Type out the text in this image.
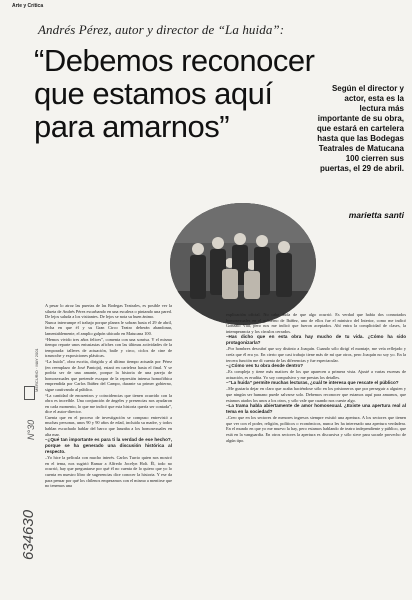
Arte y Crítica
Andrés Pérez, autor y director de “La huida”:
“Debemos reconocer
que estamos aquí
para amarnos”
Según el director y actor, esta es la lectura más importante de su obra, que estará en cartelera hasta que las Bodegas Teatrales de Matucana 100 cierren sus puertas, el 29 de abril.
marietta santi

A pesar lo atroz las puertas de las Bodegas Teatrales, es posible ver la silueta de Andrés Pérez escarbando en una escalera o pintando una pared. De lejos saluda a los visitantes. De lejos se nota su buen ánimo.

Nunca interrumpe el trabajo porque planea le sobran hasta el 29 de abril, fecha en que él y su Gran Circo Teatro deberán abandonar, lamentablemente, el amplio galpón ubicado en Matucana 100.

“Hemos vivido tres años felices”, comenta con una sonrisa. Y el mismo tiempo reparte unos entusiastas afiches con las últimas actividades de la temporada: talleres de actuación, baile y circo, ciclos de cine de trasnoche y exposiciones plásticas.

“La huida”, obra escrita, dirigida y al último tiempo actuada por Pérez (en reemplazo de José Pantoja), estará en cartelera hasta el final. Y se podría ser de una amante, porque la historia de una pareja de homosexuales que pretende escapar de la represión intensa homofóbica emprendida por Carlos Ibáñez del Campo, durante su primer gobierno, sigue cautivando al público.

“La cantidad de encuentros y coincidencias que tienen ocurrido con la obra es increíble. Una conjunción de ángeles y presencias nos ayudaron en cada momento, lo que me indicó que esta historia quería ser contada”, dice el autor-director.

Cuenta que en el proceso de investigación se compuso entrevistó a muchas personas, unos 90 y 90 años de edad, incluida su madre, y todos hablan escuchado hablar del barco que lanzaba a los homosexuales en alta mar.

–¿Qué tan importante es para ti la verdad de ese hecho?, porque se ha generado una discusión histórica al respecto.

–Yo hice la película con mucho interés. Carlos Turrio quien nos mostró en el tema, nos sugirió Ramar a Alfredo Jocelyn Holt. Él, todo no ocurrió, hay que preguntarse por qué él no cuenta de lo quiero que yo lo cuenta en nuestro libro de sugerencias dice conocer la historia. Y ese da para pensar por qué los chilenos empezamos con el mismo a mentirse que no tenemos una

explicación oficial. No cabe duda de que algo ocurrió. Es verdad que había dos connotados homosexuales en el gobierno de Ibáñez, uno de ellos fue el ministro del Interior, como me indicó Gonzalo Vial, pero nos me indicó que fueron aceptados. Ahí entra la complicidad de clases, la intemperancia y los círculos cerrados.

–Has dicho que en esta obra hay mucho de tu vida. ¿Cómo ha sido protagonizarla?

–Por hombres descubrí que soy distinto a Joaquín. Cuando sólo dirigí el montaje, me veía reflejado y creía que él era yo. En cierto que casi trabajo tiene más de mí que otros, pero Joaquín no soy yo. En la tercera función me di cuenta de las diferencias y fue espectacular.

–¿Cómo ves tu obra desde dentro?

–Es compleja y tiene más matices de los que aparecen a primera vista. Ajusté a varias escenas de actuación, es erudita. Yo soy compulsivo y me prestas los detalles.

–“La huida” permite muchas lecturas, ¿cuál te interesa que rescate el público?

–Me gustaría dejar en claro que acaba haciéndose sólo en los prisioneros que por perseguir a alguien y que ningún ser humano puede salvarse solo. Debemos reconocer que estamos aquí para amarnos, que estamos atados los unos a los otros, y sólo vale que cuando nos cueste algo.

–La trama habla abiertamente de amor homosexual. ¿Existe una apertura real al tema en la sociedad?

–Creo que en los sectores de menores ingresos siempre existió una apertura. A los sectores que tienen que ver con el poder, religión, políticos o económicos, nunca les ha interesado una apertura verdadera. En el mundo en que yo me muevo la hay, pero estamos hablando de teatro independiente y público, que está en la vanguardia. En otros sectores la apertura es discursiva y sólo sirve para sacarle provecho de algún tipo.

MERCURIO · MAY 2001
N°30
634630
